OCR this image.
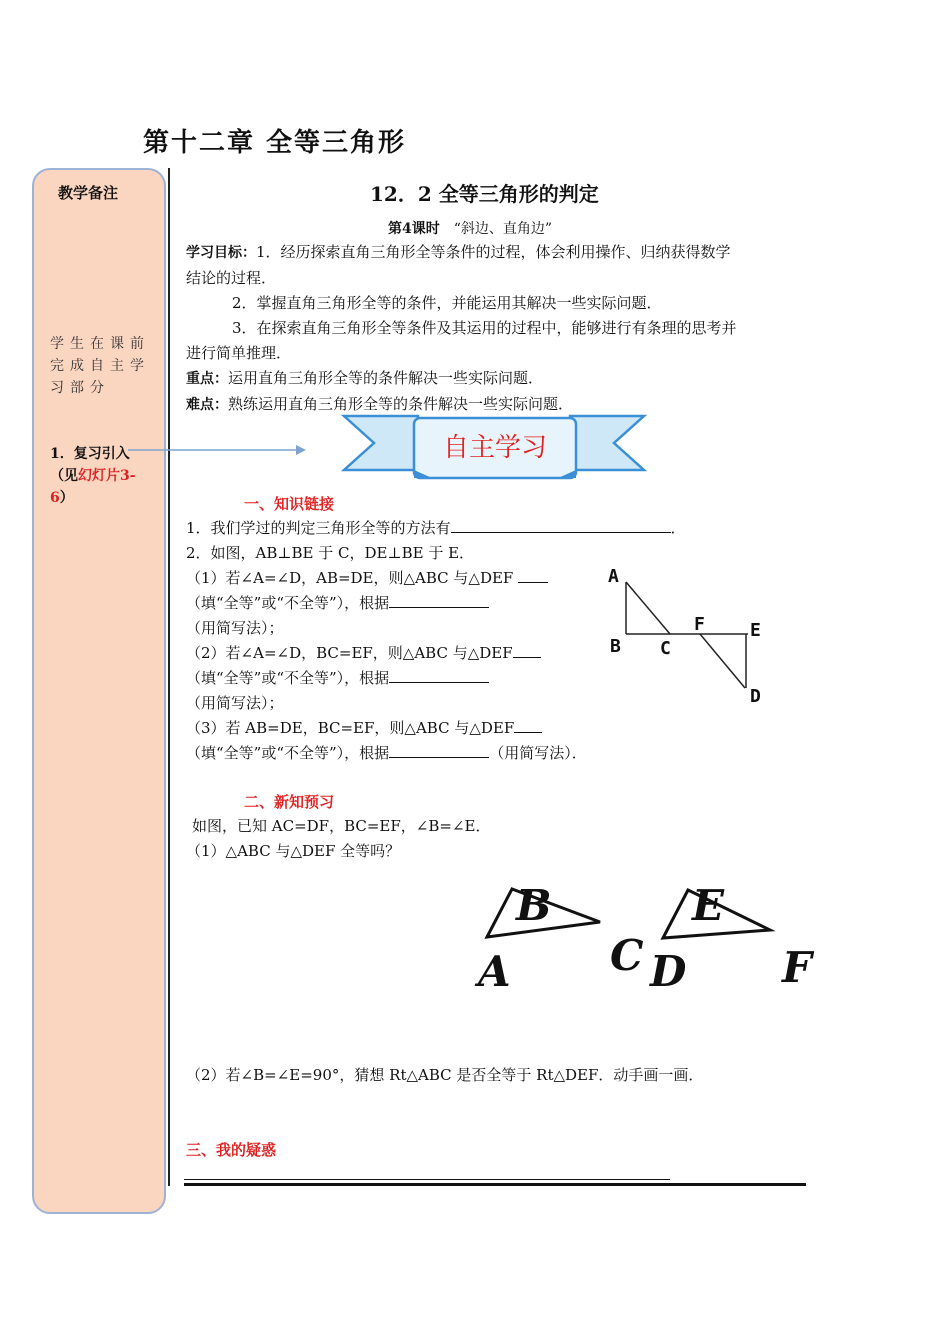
第十二章 全等三角形
教学备注
学生在课前完成自主学习部分
1．复习引入（见幻灯片3-6）
12．2 全等三角形的判定
第4课时 “斜边、直角边”
学习目标：1．经历探索直角三角形全等条件的过程，体会利用操作、归纳获得数学
结论的过程．
2．掌握直角三角形全等的条件，并能运用其解决一些实际问题．
3．在探索直角三角形全等条件及其运用的过程中，能够进行有条理的思考并
进行简单推理．
重点：运用直角三角形全等的条件解决一些实际问题．
难点：熟练运用直角三角形全等的条件解决一些实际问题．
自主学习
一、知识链接
1．我们学过的判定三角形全等的方法有	．
2．如图，AB⊥BE 于 C，DE⊥BE 于 E．
（1）若∠A=∠D，AB=DE，则△ABC 与△DEF
（填“全等”或“不全等”），根据
（用简写法）；
（2）若∠A=∠D，BC=EF，则△ABC 与△DEF
（填“全等”或“不全等”），根据
（用简写法）；
（3）若 AB=DE，BC=EF，则△ABC 与△DEF
（填“全等”或“不全等”），根据	（用简写法）．
A
B C
F	E
D
二、新知预习
如图，已知 AC=DF，BC=EF，∠B=∠E．
（1）△ABC 与△DEF 全等吗？
B
A C
E
D F
（2）若∠B=∠E=90°，猜想 Rt△ABC 是否全等于 Rt△DEF．动手画一画．
三、我的疑惑
